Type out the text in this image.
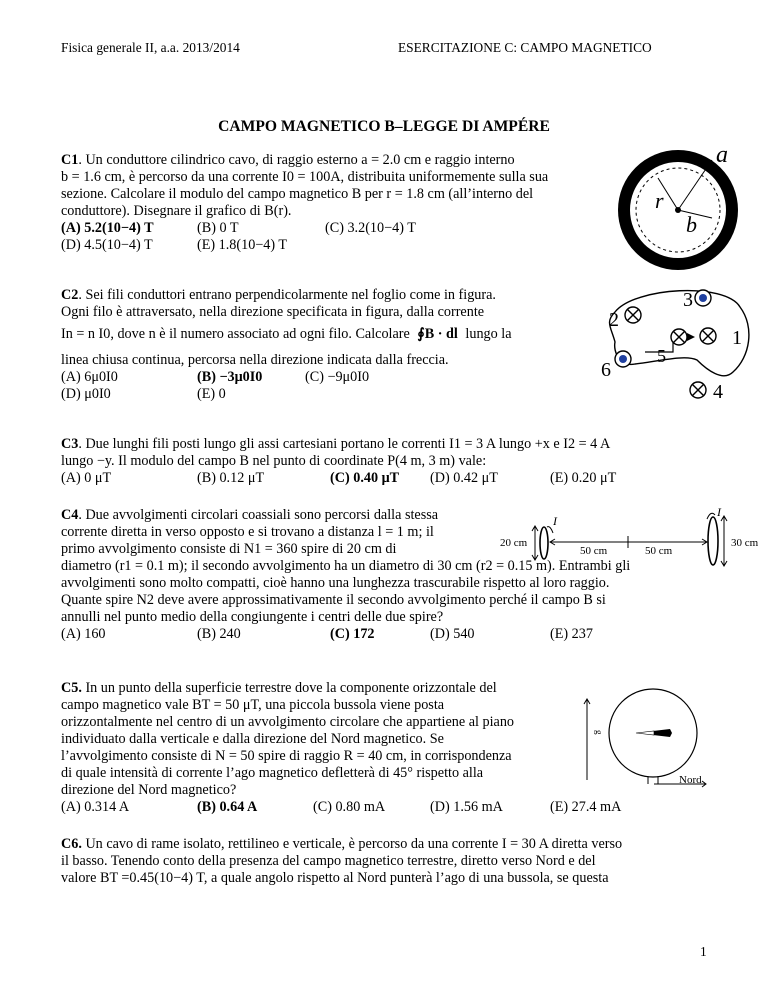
Fisica generale II, a.a. 2013/2014	ESERCITAZIONE C: CAMPO MAGNETICO
CAMPO MAGNETICO B–LEGGE DI AMPÉRE
C1. Un conduttore cilindrico cavo, di raggio esterno a = 2.0 cm e raggio interno
b = 1.6 cm, è percorso da una corrente I0 = 100A, distribuita uniformemente sulla sua
sezione. Calcolare il modulo del campo magnetico B per r = 1.8 cm (all’interno del
conduttore). Disegnare il grafico di B(r).
(A) 5.2(10−4) T	(B) 0 T	(C) 3.2(10−4) T
(D) 4.5(10−4) T	(E) 1.8(10−4) T
a
r
b
C2. Sei fili conduttori entrano perpendicolarmente nel foglio come in figura.
Ogni filo è attraversato, nella direzione specificata in figura, dalla corrente
In = n I0, dove n è il numero associato ad ogni filo. Calcolare ∮B · dl lungo la
linea chiusa continua, percorsa nella direzione indicata dalla freccia.
(A) 6μ0I0	(B) −3μ0I0	(C) −9μ0I0
(D) μ0I0	(E) 0
2
3
5
1
6
4
C3. Due lunghi fili posti lungo gli assi cartesiani portano le correnti I1 = 3 A lungo +x e I2 = 4 A
lungo −y. Il modulo del campo B nel punto di coordinate P(4 m, 3 m) vale:
(A) 0 μT	(B) 0.12 μT	(C) 0.40 μT (D) 0.42 μT	(E) 0.20 μT
C4. Due avvolgimenti circolari coassiali sono percorsi dalla stessa
corrente diretta in verso opposto e si trovano a distanza l = 1 m; il
primo avvolgimento consiste di N1 = 360 spire di 20 cm di
diametro (r1 = 0.1 m); il secondo avvolgimento ha un diametro di 30 cm (r2 = 0.15 m). Entrambi gli
avvolgimenti sono molto compatti, cioè hanno una lunghezza trascurabile rispetto al loro raggio.
Quante spire N2 deve avere approssimativamente il secondo avvolgimento perché il campo B si
annulli nel punto medio della congiungente i centri delle due spire?
(A) 160	(B) 240	(C) 172	(D) 540	(E) 237
20 cm
50 cm	50 cm
30 cm
I
I
C5. In un punto della superficie terrestre dove la componente orizzontale del
campo magnetico vale BT = 50 μT, una piccola bussola viene posta
orizzontalmente nel centro di un avvolgimento circolare che appartiene al piano
individuato dalla verticale e dalla direzione del Nord magnetico. Se
l’avvolgimento consiste di N = 50 spire di raggio R = 40 cm, in corrispondenza
di quale intensità di corrente l’ago magnetico defletterà di 45° rispetto alla
direzione del Nord magnetico?
(A) 0.314 A	(B) 0.64 A	(C) 0.80 mA	(D) 1.56 mA	(E) 27.4 mA
g
Nord
C6. Un cavo di rame isolato, rettilineo e verticale, è percorso da una corrente I = 30 A diretta verso
il basso. Tenendo conto della presenza del campo magnetico terrestre, diretto verso Nord e del
valore BT =0.45(10−4) T, a quale angolo rispetto al Nord punterà l’ago di una bussola, se questa
1
